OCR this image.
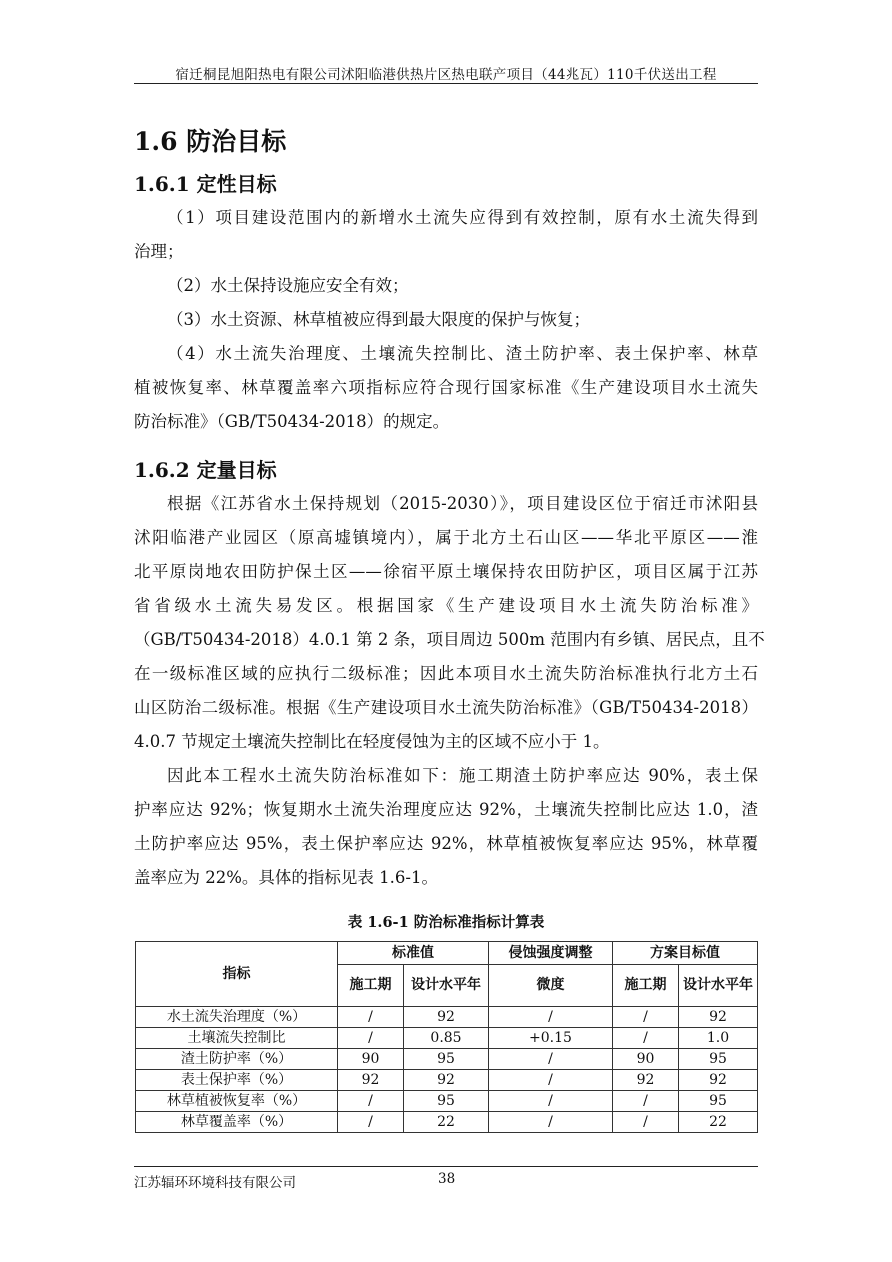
宿迁桐昆旭阳热电有限公司沭阳临港供热片区热电联产项目（44兆瓦）110千伏送出工程
1.6 防治目标
1.6.1 定性目标
（1）项目建设范围内的新增水土流失应得到有效控制，原有水土流失得到
治理；
（2）水土保持设施应安全有效；
（3）水土资源、林草植被应得到最大限度的保护与恢复；
（4）水土流失治理度、土壤流失控制比、渣土防护率、表土保护率、林草
植被恢复率、林草覆盖率六项指标应符合现行国家标准《生产建设项目水土流失
防治标准》（GB/T50434-2018）的规定。
1.6.2 定量目标
根据《江苏省水土保持规划（2015-2030）》，项目建设区位于宿迁市沭阳县
沭阳临港产业园区（原高墟镇境内），属于北方土石山区——华北平原区——淮
北平原岗地农田防护保土区——徐宿平原土壤保持农田防护区，项目区属于江苏
省省级水土流失易发区。根据国家《生产建设项目水土流失防治标准》
（GB/T50434-2018）4.0.1 第 2 条，项目周边 500m 范围内有乡镇、居民点，且不
在一级标准区域的应执行二级标准；因此本项目水土流失防治标准执行北方土石
山区防治二级标准。根据《生产建设项目水土流失防治标准》（GB/T50434-2018）
4.0.7 节规定土壤流失控制比在轻度侵蚀为主的区域不应小于 1。
因此本工程水土流失防治标准如下：施工期渣土防护率应达 90%，表土保
护率应达 92%；恢复期水土流失治理度应达 92%，土壤流失控制比应达 1.0，渣
土防护率应达 95%，表土保护率应达 92%，林草植被恢复率应达 95%，林草覆
盖率应为 22%。具体的指标见表 1.6-1。
表 1.6-1 防治标准指标计算表
指标	标准值		侵蚀强度调整	方案目标值	
	施工期	设计水平年	微度	施工期	设计水平年
水土流失治理度（%）	/	92	/	/	92
土壤流失控制比	/	0.85	+0.15	/	1.0
渣土防护率（%）	90	95	/	90	95
表土保护率（%）	92	92	/	92	92
林草植被恢复率（%）	/	95	/	/	95
林草覆盖率（%）	/	22	/	/	22
江苏辐环环境科技有限公司	38
